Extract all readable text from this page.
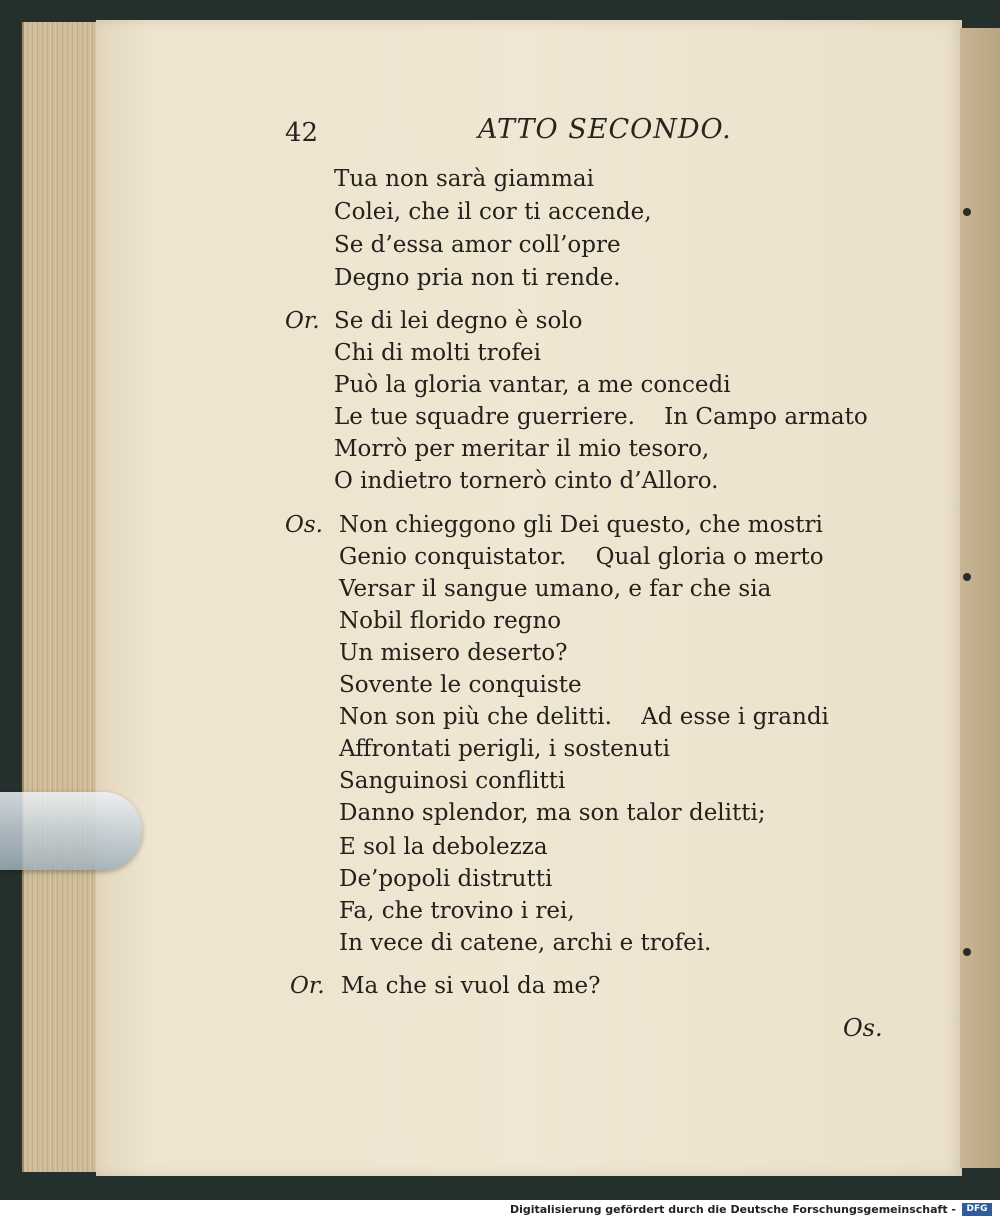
42	ATTO SECONDO.
Tua non sarà giammai
Colei, che il cor ti accende,
Se d’essa amor coll’opre
Degno pria non ti rende.
Or. Se di lei degno è solo
Chi di molti trofei
Può la gloria vantar, a me concedi
Le tue squadre guerriere.    In Campo armato
Morrò per meritar il mio tesoro,
O indietro tornerò cinto d’Alloro.
Os. Non chieggono gli Dei questo, che mostri
Genio conquistator.    Qual gloria o merto
Versar il sangue umano, e far che sia
Nobil florido regno
Un misero deserto?
Sovente le conquiste
Non son più che delitti.    Ad esse i grandi
Affrontati perigli, i sostenuti
Sanguinosi conflitti
Danno splendor, ma son talor delitti;
E sol la debolezza
De’popoli distrutti
Fa, che trovino i rei,
In vece di catene, archi e trofei.
Or. Ma che si vuol da me?
Os.
Digitalisierung gefördert durch die Deutsche Forschungsgemeinschaft -	DFG
